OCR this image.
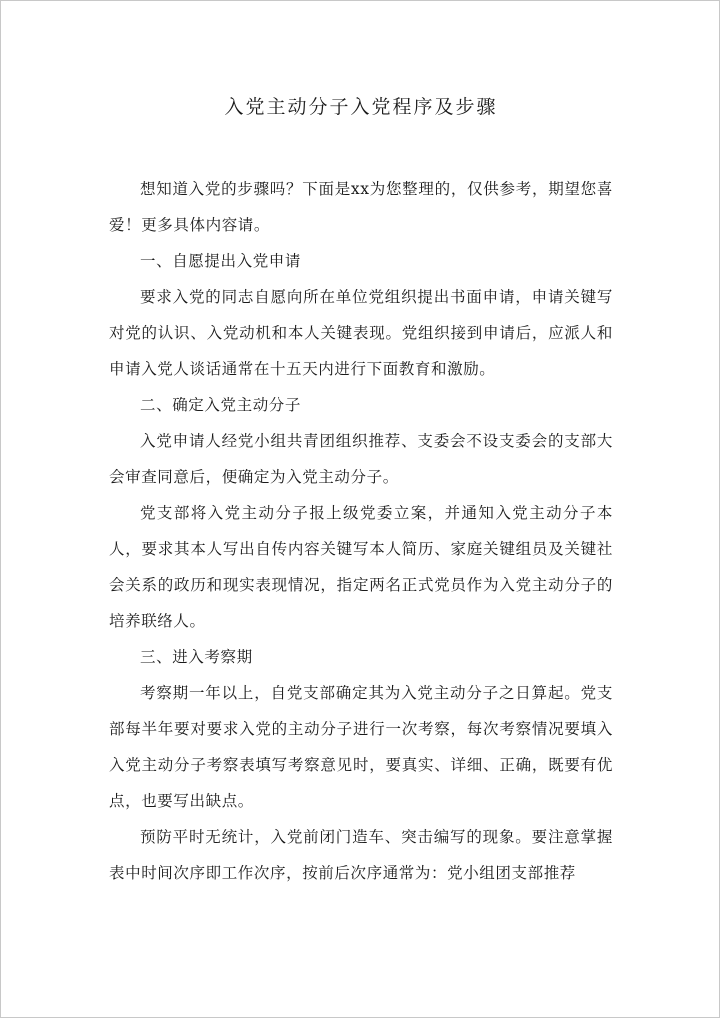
入党主动分子入党程序及步骤

想知道入党的步骤吗？下面是xx为您整理的，仅供参考，期望您喜爱！更多具体内容请。

一、自愿提出入党申请

要求入党的同志自愿向所在单位党组织提出书面申请，申请关键写对党的认识、入党动机和本人关键表现。党组织接到申请后，应派人和申请入党人谈话通常在十五天内进行下面教育和激励。

二、确定入党主动分子

入党申请人经党小组共青团组织推荐、支委会不设支委会的支部大会审查同意后，便确定为入党主动分子。

党支部将入党主动分子报上级党委立案，并通知入党主动分子本人，要求其本人写出自传内容关键写本人简历、家庭关键组员及关键社会关系的政历和现实表现情况，指定两名正式党员作为入党主动分子的培养联络人。

三、进入考察期

考察期一年以上，自党支部确定其为入党主动分子之日算起。党支部每半年要对要求入党的主动分子进行一次考察，每次考察情况要填入入党主动分子考察表填写考察意见时，要真实、详细、正确，既要有优点，也要写出缺点。

预防平时无统计，入党前闭门造车、突击编写的现象。要注意掌握表中时间次序即工作次序，按前后次序通常为：党小组团支部推荐
